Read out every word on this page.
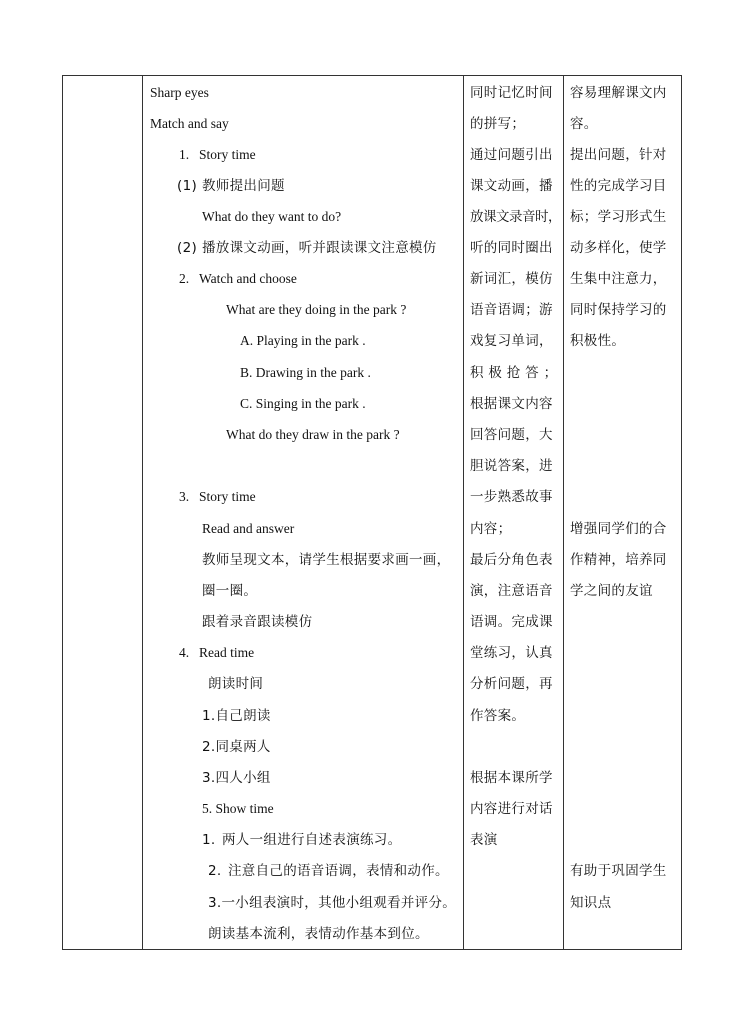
Sharp eyes
Match and say
1. Story time
(1) 教师提出问题
What do they want to do?
(2) 播放课文动画，听并跟读课文注意模仿
2. Watch and choose
What are they doing in the park ?
A. Playing in the park .
B. Drawing in the park .
C. Singing in the park .
What do they draw in the park ?
3. Story time
Read and answer
教师呈现文本，请学生根据要求画一画，
圈一圈。
跟着录音跟读模仿
4. Read time
朗读时间
1.自己朗读
2.同桌两人
3.四人小组
5. Show time
1. 两人一组进行自述表演练习。
2. 注意自己的语音语调，表情和动作。
3.一小组表演时，其他小组观看并评分。
朗读基本流利，表情动作基本到位。
同时记忆时间
的拼写；
通过问题引出
课文动画，播
放课文录音时，
听的同时圈出
新词汇，模仿
语音语调；游
戏复习单词，
积 极 抢 答 ；
根据课文内容
回答问题，大
胆说答案，进
一步熟悉故事
内容；
最后分角色表
演，注意语音
语调。完成课
堂练习，认真
分析问题，再
作答案。
根据本课所学
内容进行对话
表演
容易理解课文内
容。
提出问题，针对
性的完成学习目
标；学习形式生
动多样化，使学
生集中注意力，
同时保持学习的
积极性。
增强同学们的合
作精神，培养同
学之间的友谊
有助于巩固学生
知识点
